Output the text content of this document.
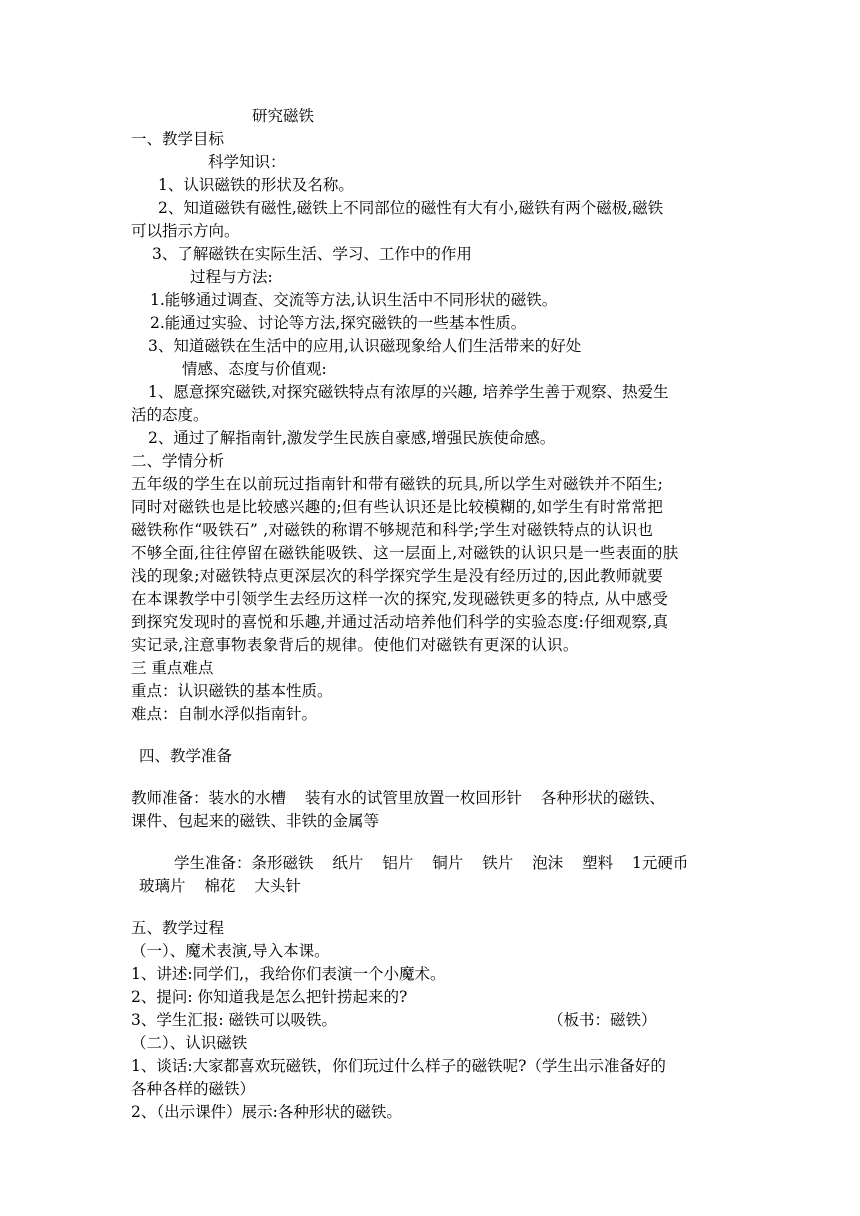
研究磁铁
一、教学目标
科学知识：
1、认识磁铁的形状及名称。
2、知道磁铁有磁性,磁铁上不同部位的磁性有大有小,磁铁有两个磁极,磁铁
可以指示方向。
3、了解磁铁在实际生活、学习、工作中的作用
过程与方法:
1.能够通过调查、交流等方法,认识生活中不同形状的磁铁。
2.能通过实验、讨论等方法,探究磁铁的一些基本性质。
3、知道磁铁在生活中的应用,认识磁现象给人们生活带来的好处
情感、态度与价值观:
1、愿意探究磁铁,对探究磁铁特点有浓厚的兴趣, 培养学生善于观察、热爱生
活的态度。
2、通过了解指南针,激发学生民族自豪感,增强民族使命感。
二、学情分析
五年级的学生在以前玩过指南针和带有磁铁的玩具,所以学生对磁铁并不陌生;
同时对磁铁也是比较感兴趣的;但有些认识还是比较模糊的,如学生有时常常把
磁铁称作“吸铁石” ,对磁铁的称谓不够规范和科学;学生对磁铁特点的认识也
不够全面,往往停留在磁铁能吸铁、这一层面上,对磁铁的认识只是一些表面的肤
浅的现象;对磁铁特点更深层次的科学探究学生是没有经历过的,因此教师就要
在本课教学中引领学生去经历这样一次的探究,发现磁铁更多的特点, 从中感受
到探究发现时的喜悦和乐趣,并通过活动培养他们科学的实验态度:仔细观察,真
实记录,注意事物表象背后的规律。使他们对磁铁有更深的认识。
三 重点难点
重点：认识磁铁的基本性质。
难点：自制水浮似指南针。
四、教学准备
教师准备：装水的水槽 装有水的试管里放置一枚回形针 各种形状的磁铁、
课件、包起来的磁铁、非铁的金属等
学生准备：条形磁铁 纸片 铝片 铜片 铁片 泡沫 塑料 1元硬币
玻璃片 棉花 大头针
五、教学过程
（一）、魔术表演,导入本课。
1、讲述:同学们,，我给你们表演一个小魔术。
2、提问: 你知道我是怎么把针捞起来的?
3、学生汇报: 磁铁可以吸铁。	（板书：磁铁）
（二）、认识磁铁
1、谈话:大家都喜欢玩磁铁，你们玩过什么样子的磁铁呢?（学生出示准备好的
各种各样的磁铁）
2、（出示课件）展示:各种形状的磁铁。
